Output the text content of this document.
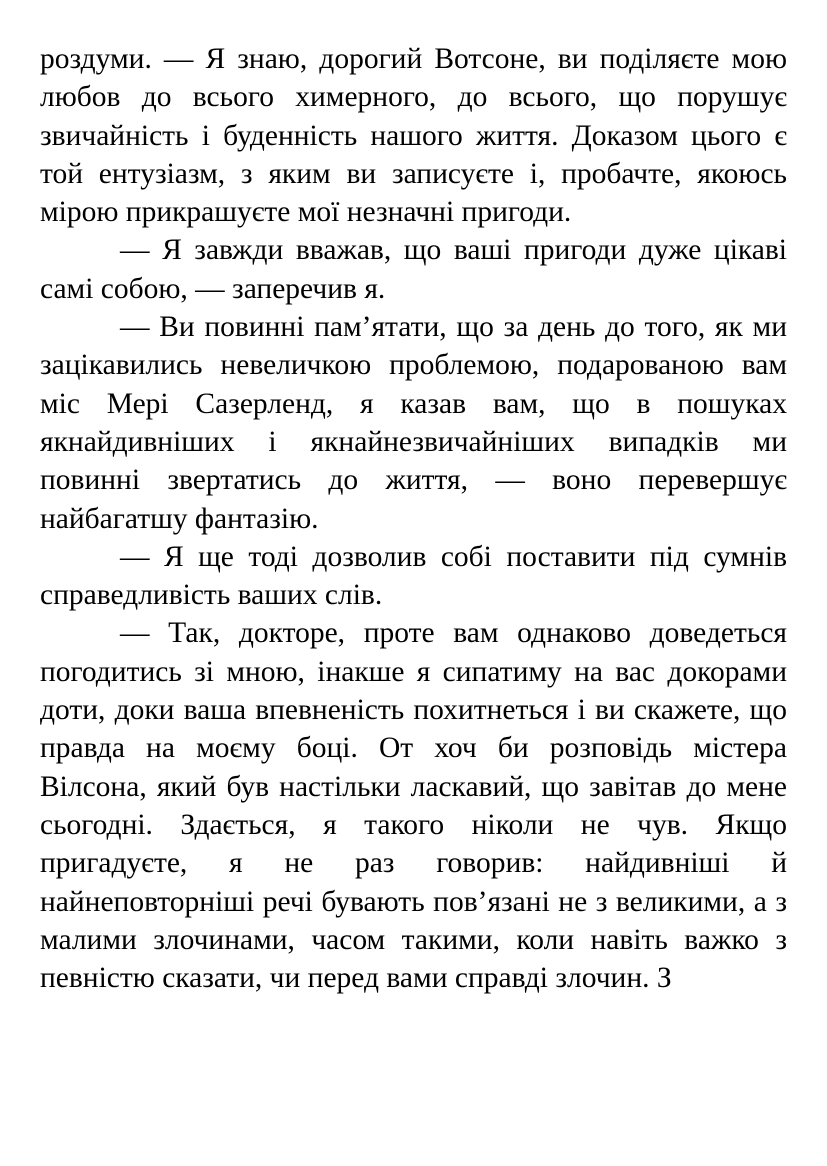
роздуми. — Я знаю, дорогий Вотсоне, ви поділяєте мою любов до всього химерного, до всього, що порушує звичайність і буденність нашого життя. Доказом цього є той ентузіазм, з яким ви записуєте і, пробачте, якоюсь мірою прикрашуєте мої незначні пригоди.

— Я завжди вважав, що ваші пригоди дуже цікаві самі собою, — заперечив я.

— Ви повинні пам’ятати, що за день до того, як ми зацікавились невеличкою проблемою, подарованою вам міс Мері Сазерленд, я казав вам, що в пошуках якнайдивніших і якнайнезвичайніших випадків ми повинні звертатись до життя, — воно перевершує найбагатшу фантазію.

— Я ще тоді дозволив собі поставити під сумнів справедливість ваших слів.

— Так, докторе, проте вам однаково доведеться погодитись зі мною, інакше я сипатиму на вас докорами доти, доки ваша впевненість похитнеться і ви скажете, що правда на моєму боці. От хоч би розповідь містера Вілсона, який був настільки ласкавий, що завітав до мене сьогодні. Здається, я такого ніколи не чув. Якщо пригадуєте, я не раз говорив: найдивніші й найнеповторніші речі бувають пов’язані не з великими, а з малими злочинами, часом такими, коли навіть важко з певністю сказати, чи перед вами справді злочин. З
